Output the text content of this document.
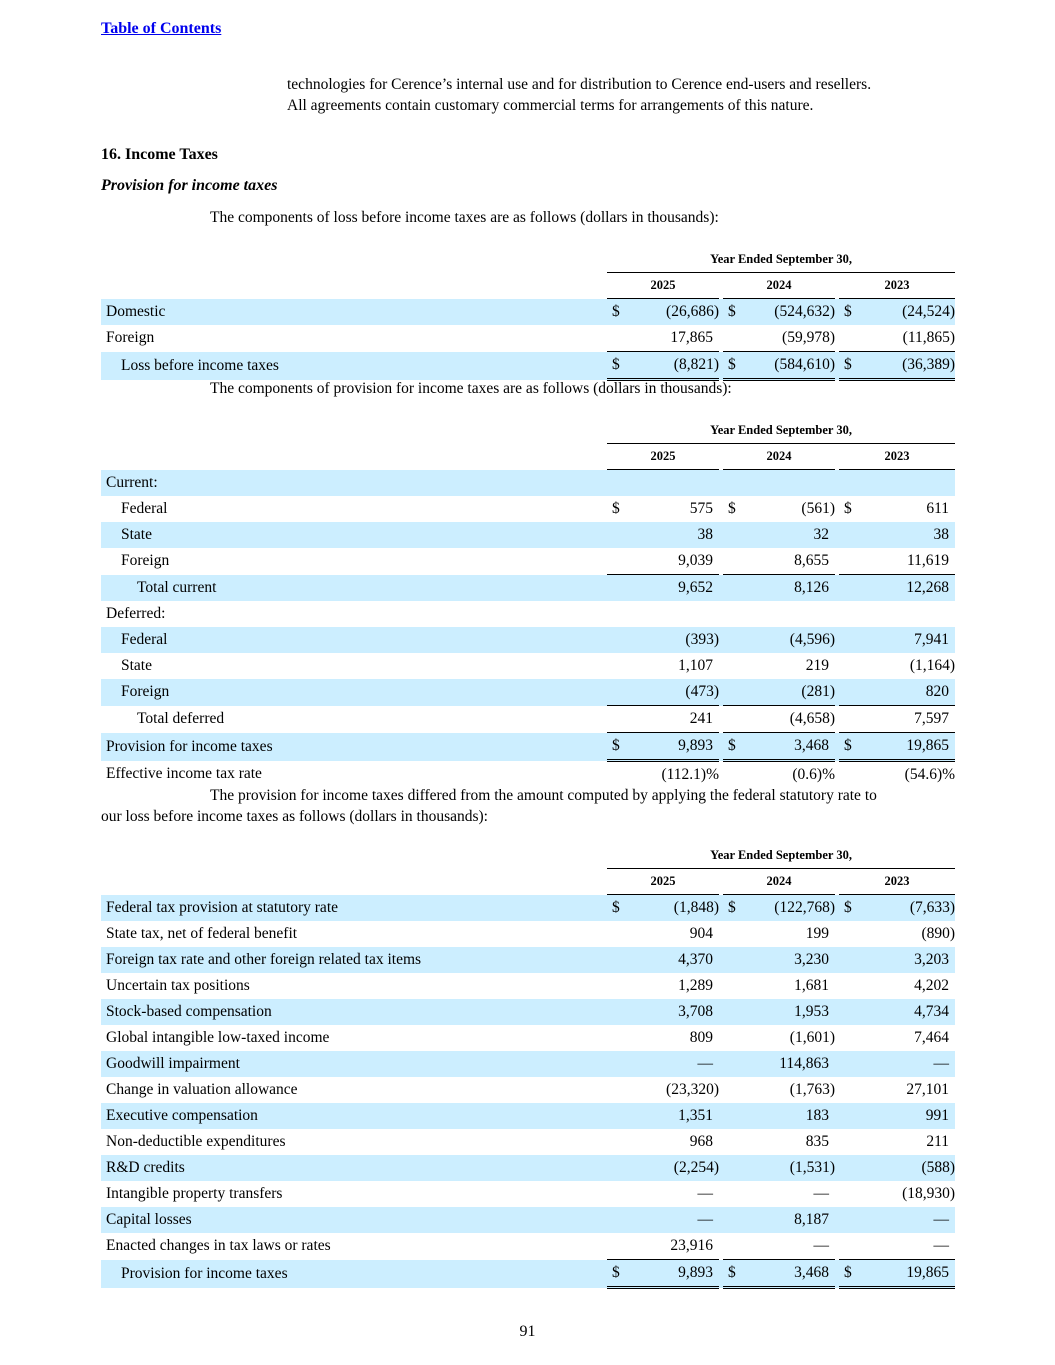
Table of Contents
technologies for Cerence’s internal use and for distribution to Cerence end-users and resellers.
All agreements contain customary commercial terms for arrangements of this nature.
16. Income Taxes
Provision for income taxes
The components of loss before income taxes are as follows (dollars in thousands):
	Year Ended September 30,							
	2025			2024			2023	
Domestic	$	(26,686)		$	(524,632)		$	(24,524)
Foreign		17,865			(59,978)			(11,865)
Loss before income taxes	$	(8,821)		$	(584,610)		$	(36,389)
The components of provision for income taxes are as follows (dollars in thousands):
	Year Ended September 30,							
	2025			2024			2023	
Current:								
Federal	$	575		$	(561)		$	611
State		38			32			38
Foreign		9,039			8,655			11,619
Total current		9,652			8,126			12,268
Deferred:								
Federal		(393)			(4,596)			7,941
State		1,107			219			(1,164)
Foreign		(473)			(281)			820
Total deferred		241			(4,658)			7,597
Provision for income taxes	$	9,893		$	3,468		$	19,865
Effective income tax rate		(112.1)%			(0.6)%			(54.6)%
The provision for income taxes differed from the amount computed by applying the federal statutory rate to
our loss before income taxes as follows (dollars in thousands):
	Year Ended September 30,							
	2025			2024			2023	
Federal tax provision at statutory rate	$	(1,848)		$	(122,768)		$	(7,633)
State tax, net of federal benefit		904			199			(890)
Foreign tax rate and other foreign related tax items		4,370			3,230			3,203
Uncertain tax positions		1,289			1,681			4,202
Stock-based compensation		3,708			1,953			4,734
Global intangible low-taxed income		809			(1,601)			7,464
Goodwill impairment		—			114,863			—
Change in valuation allowance		(23,320)			(1,763)			27,101
Executive compensation		1,351			183			991
Non-deductible expenditures		968			835			211
R&D credits		(2,254)			(1,531)			(588)
Intangible property transfers		—			—			(18,930)
Capital losses		—			8,187			—
Enacted changes in tax laws or rates		23,916			—			—
Provision for income taxes	$	9,893		$	3,468		$	19,865
91
